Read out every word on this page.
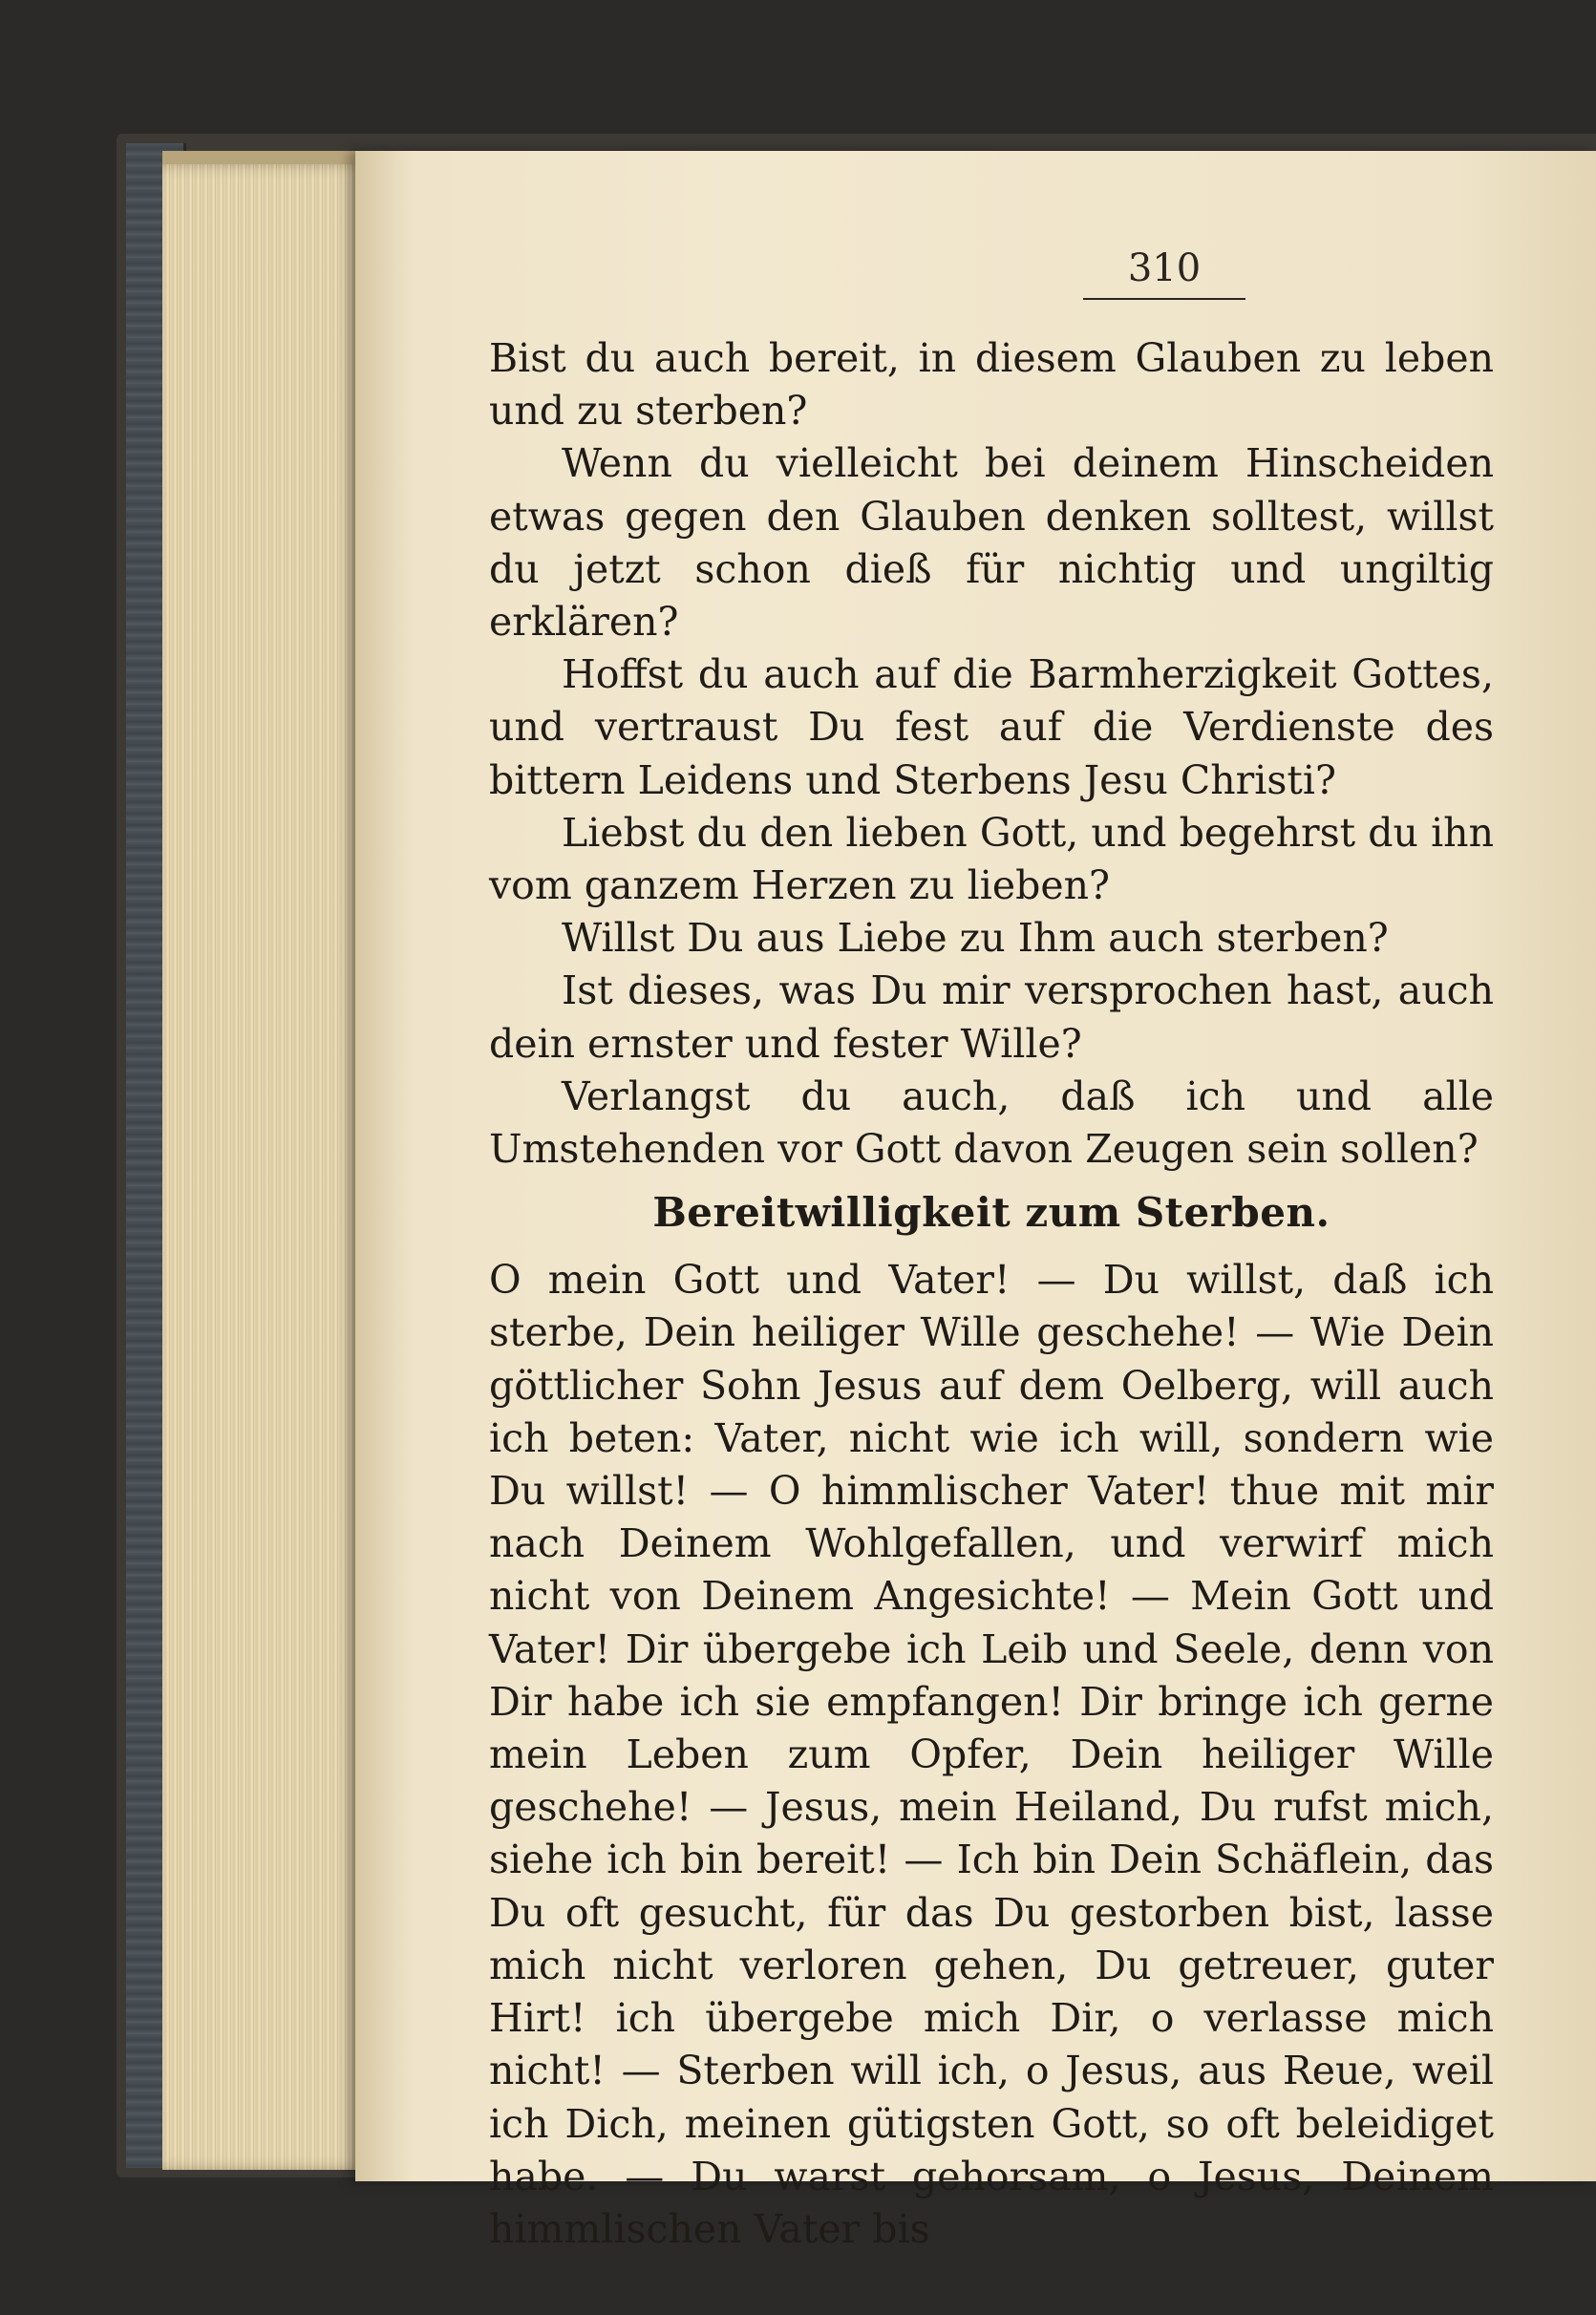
310

Bist du auch bereit, in diesem Glauben zu leben und zu sterben?

Wenn du vielleicht bei deinem Hinscheiden etwas gegen den Glauben denken solltest, willst du jetzt schon dieß für nichtig und ungiltig erklären?

Hoffst du auch auf die Barmherzigkeit Gottes, und vertraust Du fest auf die Verdienste des bittern Leidens und Sterbens Jesu Christi?

Liebst du den lieben Gott, und begehrst du ihn vom ganzem Herzen zu lieben?

Willst Du aus Liebe zu Ihm auch sterben?

Ist dieses, was Du mir versprochen hast, auch dein ernster und fester Wille?

Verlangst du auch, daß ich und alle Umstehenden vor Gott davon Zeugen sein sollen?

Bereitwilligkeit zum Sterben.

O mein Gott und Vater! — Du willst, daß ich sterbe, Dein heiliger Wille geschehe! — Wie Dein göttlicher Sohn Jesus auf dem Oelberg, will auch ich beten: Vater, nicht wie ich will, sondern wie Du willst! — O himmlischer Vater! thue mit mir nach Deinem Wohlgefallen, und verwirf mich nicht von Deinem Angesichte! — Mein Gott und Vater! Dir übergebe ich Leib und Seele, denn von Dir habe ich sie empfangen! Dir bringe ich gerne mein Leben zum Opfer, Dein heiliger Wille geschehe! — Jesus, mein Heiland, Du rufst mich, siehe ich bin bereit! — Ich bin Dein Schäflein, das Du oft gesucht, für das Du gestorben bist, lasse mich nicht verloren gehen, Du getreuer, guter Hirt! ich übergebe mich Dir, o verlasse mich nicht! — Sterben will ich, o Jesus, aus Reue, weil ich Dich, meinen gütigsten Gott, so oft beleidiget habe. — Du warst gehorsam, o Jesus, Deinem himmlischen Vater bis
